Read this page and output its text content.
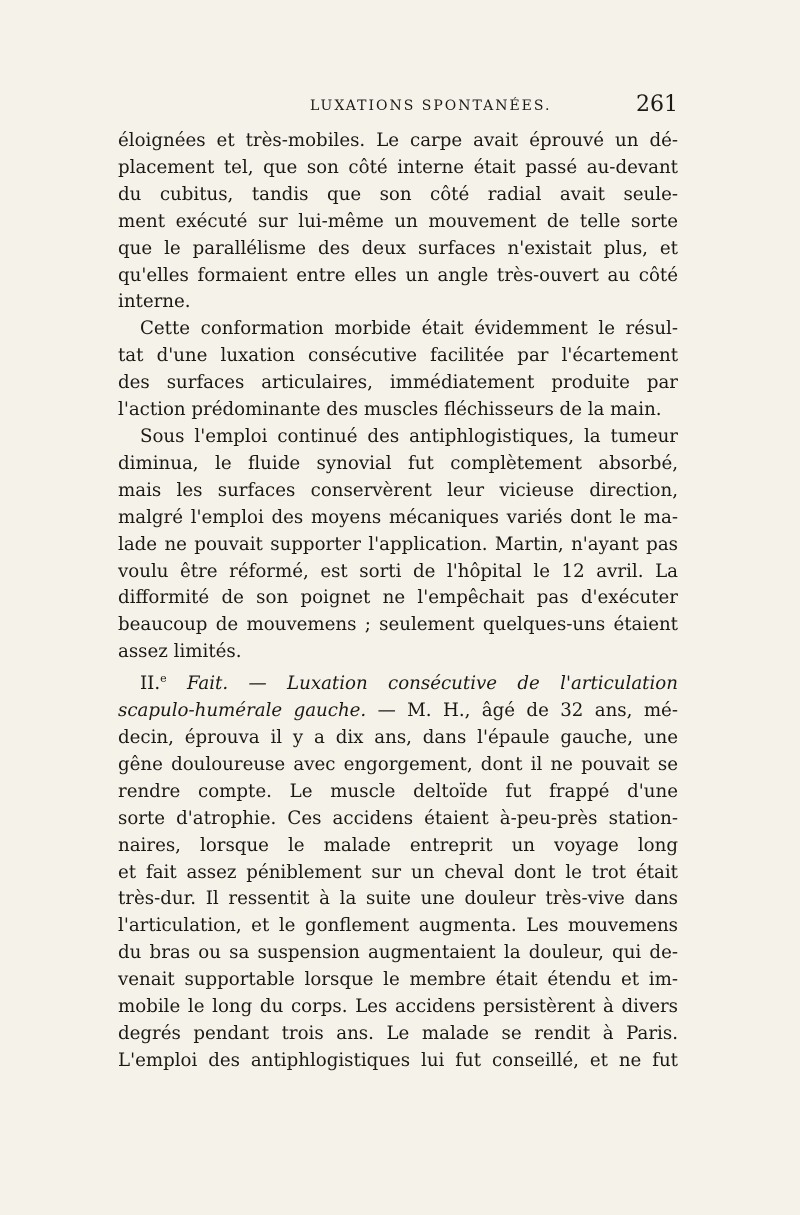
LUXATIONS SPONTANÉES.	261
éloignées et très-mobiles. Le carpe avait éprouvé un dé-
placement tel, que son côté interne était passé au-devant
du cubitus, tandis que son côté radial avait seule-
ment exécuté sur lui-même un mouvement de telle sorte
que le parallélisme des deux surfaces n'existait plus, et
qu'elles formaient entre elles un angle très-ouvert au côté
interne.
Cette conformation morbide était évidemment le résul-
tat d'une luxation consécutive facilitée par l'écartement
des surfaces articulaires, immédiatement produite par
l'action prédominante des muscles fléchisseurs de la main.
Sous l'emploi continué des antiphlogistiques, la tumeur
diminua, le fluide synovial fut complètement absorbé,
mais les surfaces conservèrent leur vicieuse direction,
malgré l'emploi des moyens mécaniques variés dont le ma-
lade ne pouvait supporter l'application. Martin, n'ayant pas
voulu être réformé, est sorti de l'hôpital le 12 avril. La
difformité de son poignet ne l'empêchait pas d'exécuter
beaucoup de mouvemens ; seulement quelques-uns étaient
assez limités.
II.$^e$ Fait. — Luxation consécutive de l'articulation
scapulo-humérale gauche. — M. H., âgé de 32 ans, mé-
decin, éprouva il y a dix ans, dans l'épaule gauche, une
gêne douloureuse avec engorgement, dont il ne pouvait se
rendre compte. Le muscle deltoïde fut frappé d'une
sorte d'atrophie. Ces accidens étaient à-peu-près station-
naires, lorsque le malade entreprit un voyage long
et fait assez péniblement sur un cheval dont le trot était
très-dur. Il ressentit à la suite une douleur très-vive dans
l'articulation, et le gonflement augmenta. Les mouvemens
du bras ou sa suspension augmentaient la douleur, qui de-
venait supportable lorsque le membre était étendu et im-
mobile le long du corps. Les accidens persistèrent à divers
degrés pendant trois ans. Le malade se rendit à Paris.
L'emploi des antiphlogistiques lui fut conseillé, et ne fut
